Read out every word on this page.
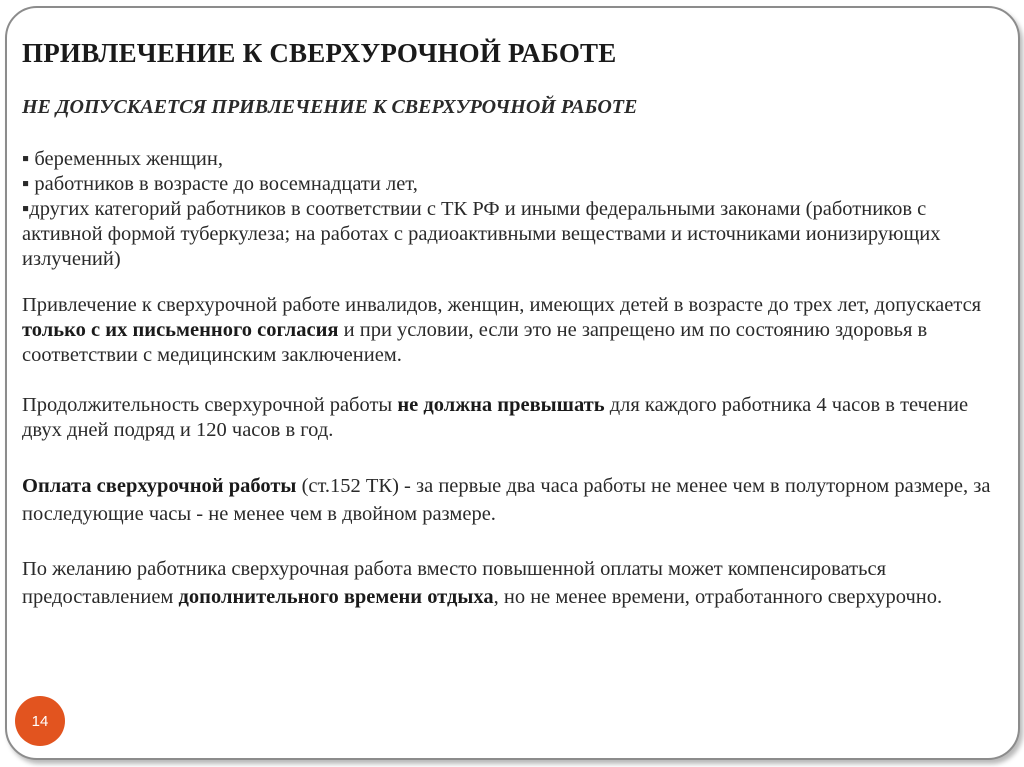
ПРИВЛЕЧЕНИЕ К СВЕРХУРОЧНОЙ РАБОТЕ
НЕ ДОПУСКАЕТСЯ ПРИВЛЕЧЕНИЕ К СВЕРХУРОЧНОЙ РАБОТЕ
▪ беременных женщин,
▪ работников в возрасте до восемнадцати лет,
▪других категорий работников в соответствии с ТК РФ и иными федеральными законами (работников с активной формой туберкулеза; на работах с радиоактивными веществами и источниками ионизирующих излучений)

Привлечение к сверхурочной работе инвалидов, женщин, имеющих детей в возрасте до трех лет, допускается только с их письменного согласия и при условии, если это не запрещено им по состоянию здоровья в соответствии с медицинским заключением.

Продолжительность сверхурочной работы не должна превышать для каждого работника 4 часов в течение двух дней подряд и 120 часов в год.

Оплата сверхурочной работы (ст.152 ТК) - за первые два часа работы не менее чем в полуторном размере, за последующие часы - не менее чем в двойном размере.

По желанию работника сверхурочная работа вместо повышенной оплаты может компенсироваться предоставлением дополнительного времени отдыха, но не менее времени, отработанного сверхурочно.

14
